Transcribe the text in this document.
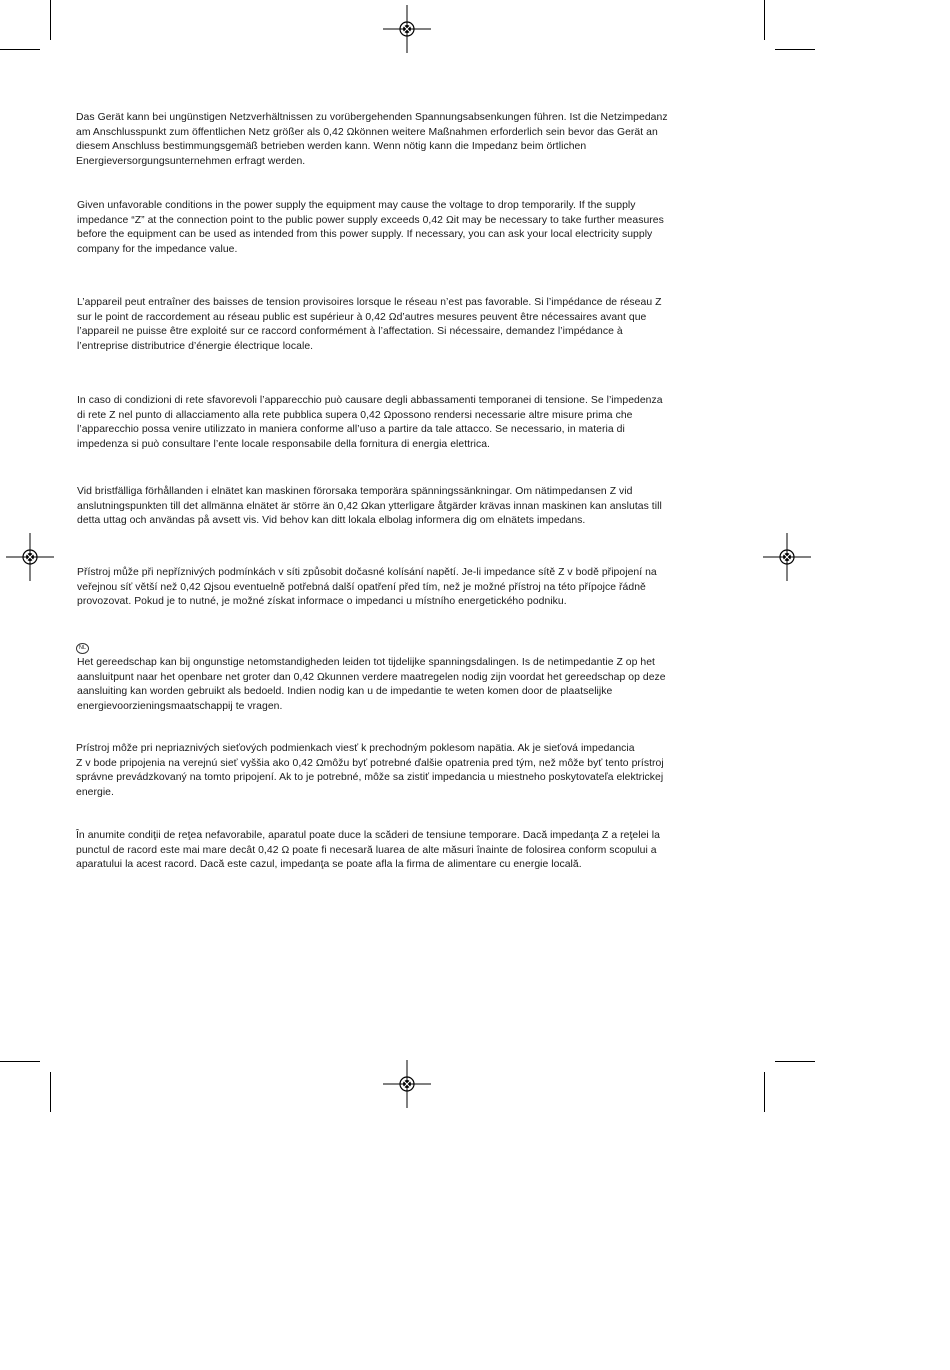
Das Gerät kann bei ungünstigen Netzverhältnissen zu vorübergehenden Spannungsabsenkungen führen. Ist die Netzimpedanz
am Anschlusspunkt zum öffentlichen Netz größer als 0,42 Ωkönnen weitere Maßnahmen erforderlich sein bevor das Gerät an
diesem Anschluss bestimmungsgemäß betrieben werden kann. Wenn nötig kann die Impedanz beim örtlichen
Energieversorgungsunternehmen erfragt werden.

Given unfavorable conditions in the power supply the equipment may cause the voltage to drop temporarily. If the supply
impedance “Z” at the connection point to the public power supply exceeds 0,42 Ωit may be necessary to take further measures
before the equipment can be used as intended from this power supply. If necessary, you can ask your local electricity supply
company for the impedance value.

L’appareil peut entraîner des baisses de tension provisoires lorsque le réseau n’est pas favorable. Si l’impédance de réseau Z
sur le point de raccordement au réseau public est supérieur à 0,42 Ωd’autres mesures peuvent être nécessaires avant que
l’appareil ne puisse être exploité sur ce raccord conformément à l’affectation. Si nécessaire, demandez l’impédance à
l’entreprise distributrice d’énergie électrique locale.

In caso di condizioni di rete sfavorevoli l’apparecchio può causare degli abbassamenti temporanei di tensione. Se l’impedenza
di rete Z nel punto di allacciamento alla rete pubblica supera 0,42 Ωpossono rendersi necessarie altre misure prima che
l’apparecchio possa venire utilizzato in maniera conforme all’uso a partire da tale attacco. Se necessario, in materia di
impedenza si può consultare l’ente locale responsabile della fornitura di energia elettrica.

Vid bristfälliga förhållanden i elnätet kan maskinen förorsaka temporära spänningssänkningar. Om nätimpedansen Z vid
anslutningspunkten till det allmänna elnätet är större än 0,42 Ωkan ytterligare åtgärder krävas innan maskinen kan anslutas till
detta uttag och användas på avsett vis. Vid behov kan ditt lokala elbolag informera dig om elnätets impedans.

Přístroj může při nepříznivých podmínkách v síti způsobit dočasné kolísání napětí. Je-li impedance sítě Z v bodě připojení na
veřejnou síť větší než 0,42 Ωjsou eventuelně potřebná další opatření před tím, než je možné přístroj na této přípojce řádně
provozovat. Pokud je to nutné, je možné získat informace o impedanci u místního energetického podniku.

NL

Het gereedschap kan bij ongunstige netomstandigheden leiden tot tijdelijke spanningsdalingen. Is de netimpedantie Z op het
aansluitpunt naar het openbare net groter dan 0,42 Ωkunnen verdere maatregelen nodig zijn voordat het gereedschap op deze
aansluiting kan worden gebruikt als bedoeld. Indien nodig kan u de impedantie te weten komen door de plaatselijke
energievoorzieningsmaatschappij te vragen.

Prístroj môže pri nepriaznivých sieťových podmienkach viesť k prechodným poklesom napätia. Ak je sieťová impedancia
Z v bode pripojenia na verejnú sieť vyššia ako 0,42 Ωmôžu byť potrebné ďalšie opatrenia pred tým, než môže byť tento prístroj
správne prevádzkovaný na tomto pripojení. Ak to je potrebné, môže sa zistiť impedancia u miestneho poskytovateľa elektrickej
energie.

În anumite condiţii de reţea nefavorabile, aparatul poate duce la scăderi de tensiune temporare. Dacă impedanţa Z a reţelei la
punctul de racord este mai mare decât 0,42 Ω poate fi necesară luarea de alte măsuri înainte de folosirea conform scopului a
aparatului la acest racord. Dacă este cazul, impedanţa se poate afla la firma de alimentare cu energie locală.
